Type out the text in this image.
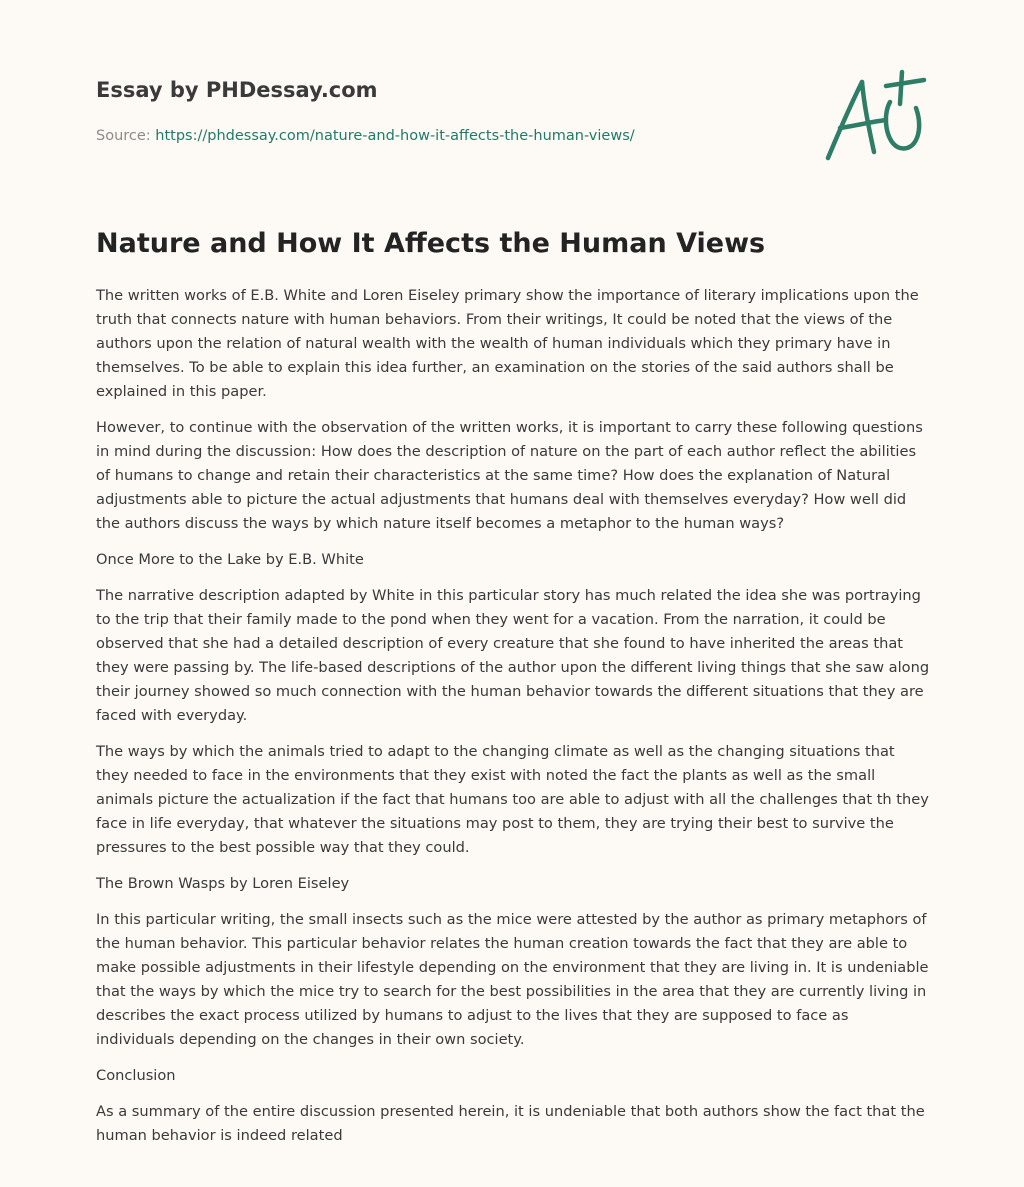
Essay by PHDessay.com
Source: https://phdessay.com/nature-and-how-it-affects-the-human-views/
Nature and How It Affects the Human Views

The written works of E.B. White and Loren Eiseley primary show the importance of literary implications upon the truth that connects nature with human behaviors. From their writings, It could be noted that the views of the authors upon the relation of natural wealth with the wealth of human individuals which they primary have in themselves. To be able to explain this idea further, an examination on the stories of the said authors shall be explained in this paper.

However, to continue with the observation of the written works, it is important to carry these following questions in mind during the discussion: How does the description of nature on the part of each author reflect the abilities of humans to change and retain their characteristics at the same time? How does the explanation of Natural adjustments able to picture the actual adjustments that humans deal with themselves everyday? How well did the authors discuss the ways by which nature itself becomes a metaphor to the human ways?

Once More to the Lake by E.B. White

The narrative description adapted by White in this particular story has much related the idea she was portraying to the trip that their family made to the pond when they went for a vacation. From the narration, it could be observed that she had a detailed description of every creature that she found to have inherited the areas that they were passing by. The life-based descriptions of the author upon the different living things that she saw along their journey showed so much connection with the human behavior towards the different situations that they are faced with everyday.

The ways by which the animals tried to adapt to the changing climate as well as the changing situations that they needed to face in the environments that they exist with noted the fact the plants as well as the small animals picture the actualization if the fact that humans too are able to adjust with all the challenges that th they face in life everyday, that whatever the situations may post to them, they are trying their best to survive the pressures to the best possible way that they could.

The Brown Wasps by Loren Eiseley

In this particular writing, the small insects such as the mice were attested by the author as primary metaphors of the human behavior. This particular behavior relates the human creation towards the fact that they are able to make possible adjustments in their lifestyle depending on the environment that they are living in. It is undeniable that the ways by which the mice try to search for the best possibilities in the area that they are currently living in describes the exact process utilized by humans to adjust to the lives that they are supposed to face as individuals depending on the changes in their own society.

Conclusion

As a summary of the entire discussion presented herein, it is undeniable that both authors show the fact that the human behavior is indeed related
